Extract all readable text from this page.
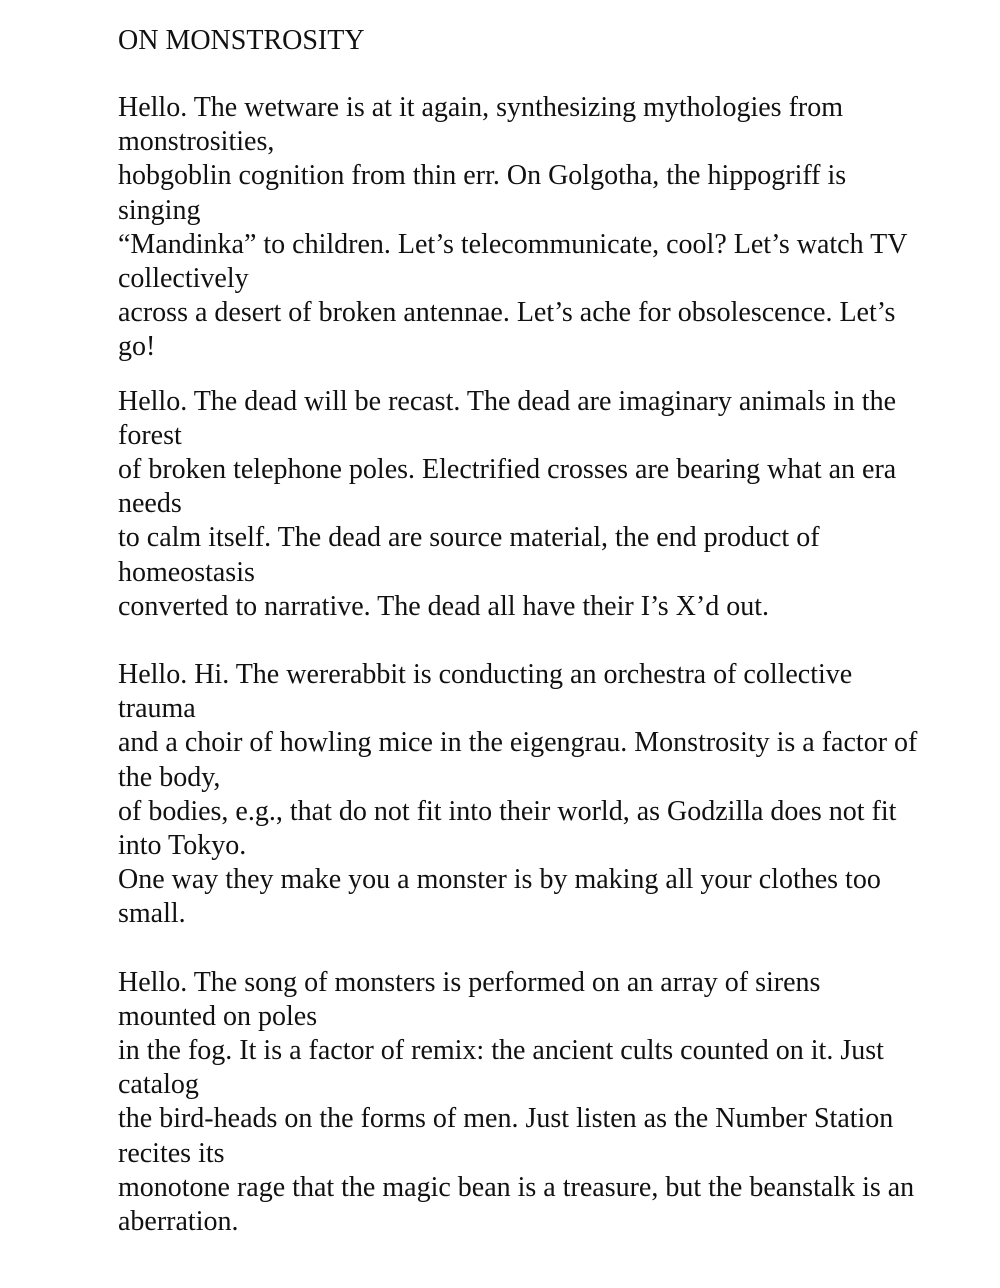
ON MONSTROSITY
Hello. The wetware is at it again, synthesizing mythologies from monstrosities,
hobgoblin cognition from thin err. On Golgotha, the hippogriff is singing
“Mandinka” to children. Let’s telecommunicate, cool? Let’s watch TV collectively
across a desert of broken antennae. Let’s ache for obsolescence. Let’s go!
Hello. The dead will be recast. The dead are imaginary animals in the forest
of broken telephone poles. Electrified crosses are bearing what an era needs
to calm itself. The dead are source material, the end product of homeostasis
converted to narrative. The dead all have their I’s X’d out.
Hello. Hi. The wererabbit is conducting an orchestra of collective trauma
and a choir of howling mice in the eigengrau. Monstrosity is a factor of the body,
of bodies, e.g., that do not fit into their world, as Godzilla does not fit into Tokyo.
One way they make you a monster is by making all your clothes too small.
Hello. The song of monsters is performed on an array of sirens mounted on poles
in the fog. It is a factor of remix: the ancient cults counted on it. Just catalog
the bird-heads on the forms of men. Just listen as the Number Station recites its
monotone rage that the magic bean is a treasure, but the beanstalk is an aberration.
